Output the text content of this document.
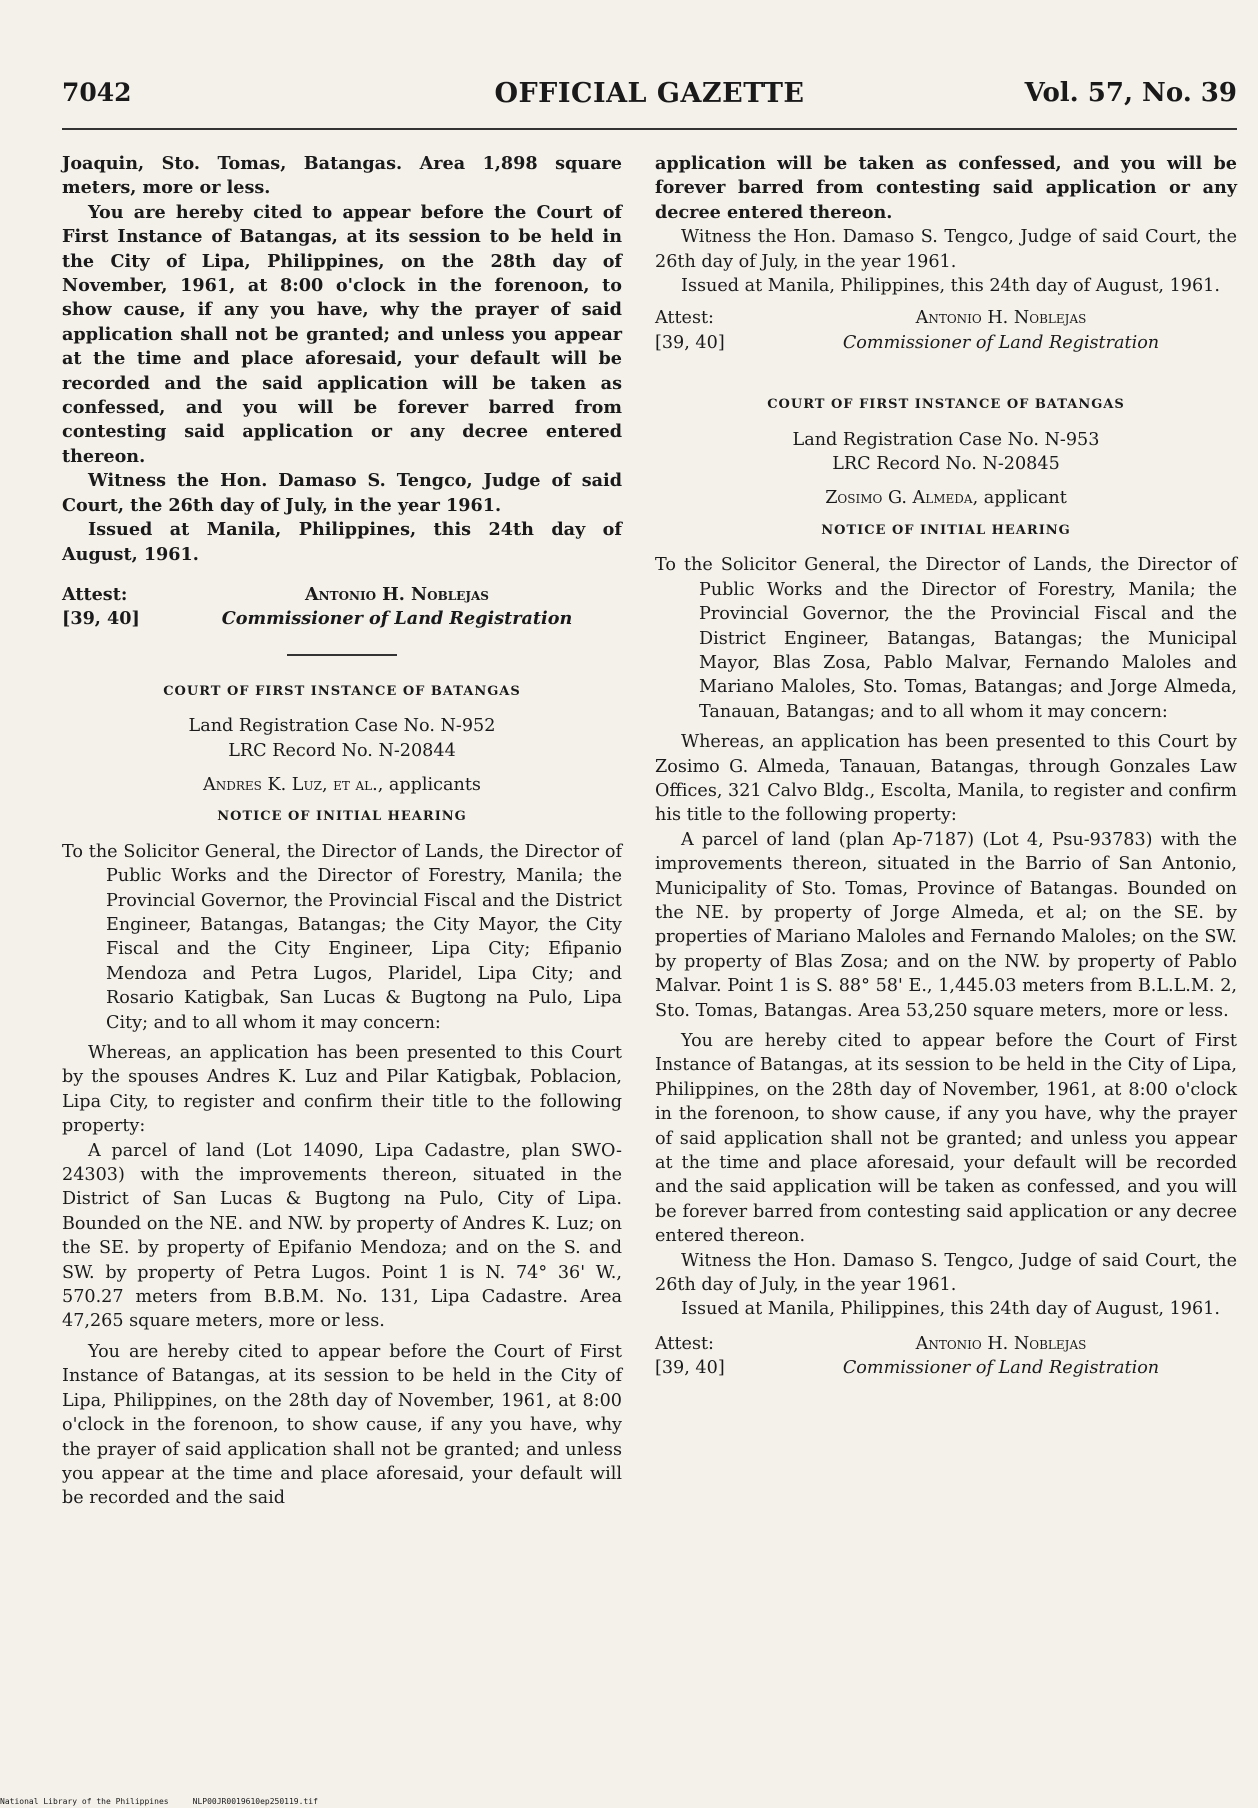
7042	OFFICIAL GAZETTE	Vol. 57, No. 39

Joaquin, Sto. Tomas, Batangas. Area 1,898 square meters, more or less.

You are hereby cited to appear before the Court of First Instance of Batangas, at its session to be held in the City of Lipa, Philippines, on the 28th day of November, 1961, at 8:00 o'clock in the forenoon, to show cause, if any you have, why the prayer of said application shall not be granted; and unless you appear at the time and place aforesaid, your default will be recorded and the said application will be taken as confessed, and you will be forever barred from contesting said application or any decree entered thereon.

Witness the Hon. Damaso S. Tengco, Judge of said Court, the 26th day of July, in the year 1961.

Issued at Manila, Philippines, this 24th day of August, 1961.

Attest:
[39, 40]
Antonio H. Noblejas
Commissioner of Land Registration
COURT OF FIRST INSTANCE OF BATANGAS
Land Registration Case No. N-952
LRC Record No. N-20844
Andres K. Luz, et al., applicants
NOTICE OF INITIAL HEARING

To the Solicitor General, the Director of Lands, the Director of Public Works and the Director of Forestry, Manila; the Provincial Governor, the Provincial Fiscal and the District Engineer, Batangas, Batangas; the City Mayor, the City Fiscal and the City Engineer, Lipa City; Efipanio Mendoza and Petra Lugos, Plaridel, Lipa City; and Rosario Katigbak, San Lucas & Bugtong na Pulo, Lipa City; and to all whom it may concern:

Whereas, an application has been presented to this Court by the spouses Andres K. Luz and Pilar Katigbak, Poblacion, Lipa City, to register and confirm their title to the following property:

A parcel of land (Lot 14090, Lipa Cadastre, plan SWO-24303) with the improvements thereon, situated in the District of San Lucas & Bugtong na Pulo, City of Lipa. Bounded on the NE. and NW. by property of Andres K. Luz; on the SE. by property of Epifanio Mendoza; and on the S. and SW. by property of Petra Lugos. Point 1 is N. 74° 36' W., 570.27 meters from B.B.M. No. 131, Lipa Cadastre. Area 47,265 square meters, more or less.

You are hereby cited to appear before the Court of First Instance of Batangas, at its session to be held in the City of Lipa, Philippines, on the 28th day of November, 1961, at 8:00 o'clock in the forenoon, to show cause, if any you have, why the prayer of said application shall not be granted; and unless you appear at the time and place aforesaid, your default will be recorded and the said

application will be taken as confessed, and you will be forever barred from contesting said application or any decree entered thereon.

Witness the Hon. Damaso S. Tengco, Judge of said Court, the 26th day of July, in the year 1961.

Issued at Manila, Philippines, this 24th day of August, 1961.

Attest:
[39, 40]
Antonio H. Noblejas
Commissioner of Land Registration
COURT OF FIRST INSTANCE OF BATANGAS
Land Registration Case No. N-953
LRC Record No. N-20845
Zosimo G. Almeda, applicant
NOTICE OF INITIAL HEARING

To the Solicitor General, the Director of Lands, the Director of Public Works and the Director of Forestry, Manila; the Provincial Governor, the the Provincial Fiscal and the District Engineer, Batangas, Batangas; the Municipal Mayor, Blas Zosa, Pablo Malvar, Fernando Maloles and Mariano Maloles, Sto. Tomas, Batangas; and Jorge Almeda, Tanauan, Batangas; and to all whom it may concern:

Whereas, an application has been presented to this Court by Zosimo G. Almeda, Tanauan, Batangas, through Gonzales Law Offices, 321 Calvo Bldg., Escolta, Manila, to register and confirm his title to the following property:

A parcel of land (plan Ap-7187) (Lot 4, Psu-93783) with the improvements thereon, situated in the Barrio of San Antonio, Municipality of Sto. Tomas, Province of Batangas. Bounded on the NE. by property of Jorge Almeda, et al; on the SE. by properties of Mariano Maloles and Fernando Maloles; on the SW. by property of Blas Zosa; and on the NW. by property of Pablo Malvar. Point 1 is S. 88° 58' E., 1,445.03 meters from B.L.L.M. 2, Sto. Tomas, Batangas. Area 53,250 square meters, more or less.

You are hereby cited to appear before the Court of First Instance of Batangas, at its session to be held in the City of Lipa, Philippines, on the 28th day of November, 1961, at 8:00 o'clock in the forenoon, to show cause, if any you have, why the prayer of said application shall not be granted; and unless you appear at the time and place aforesaid, your default will be recorded and the said application will be taken as confessed, and you will be forever barred from contesting said application or any decree entered thereon.

Witness the Hon. Damaso S. Tengco, Judge of said Court, the 26th day of July, in the year 1961.

Issued at Manila, Philippines, this 24th day of August, 1961.

Attest:
[39, 40]
Antonio H. Noblejas
Commissioner of Land Registration
National Library of the Philippines     NLP00JR0019610ep250119.tif
